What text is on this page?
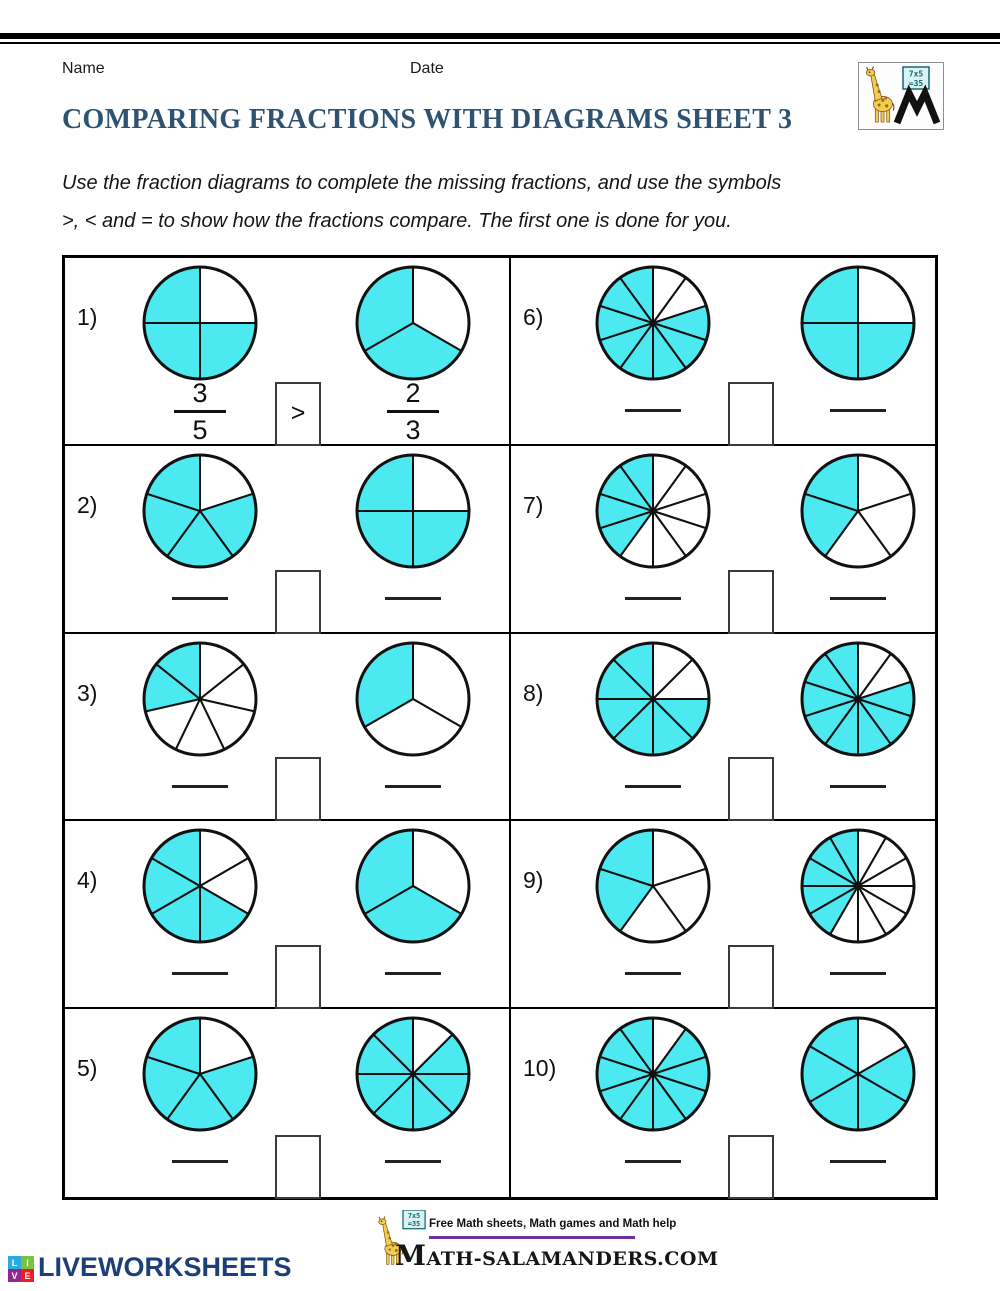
Name	Date	7x5
=35
COMPARING FRACTIONS WITH DIAGRAMS SHEET 3
Use the fraction diagrams to complete the missing fractions, and use the symbols
>, < and = to show how the fractions compare. The first one is done for you.
1)
3
5
2
3
>
6)
2)	7)
3)	8)
4)	9)
5)	10)
7x5
=35 Free Math sheets, Math games and Math help
MATH-SALAMANDERS.COM
L I
V E LIVEWORKSHEETS
